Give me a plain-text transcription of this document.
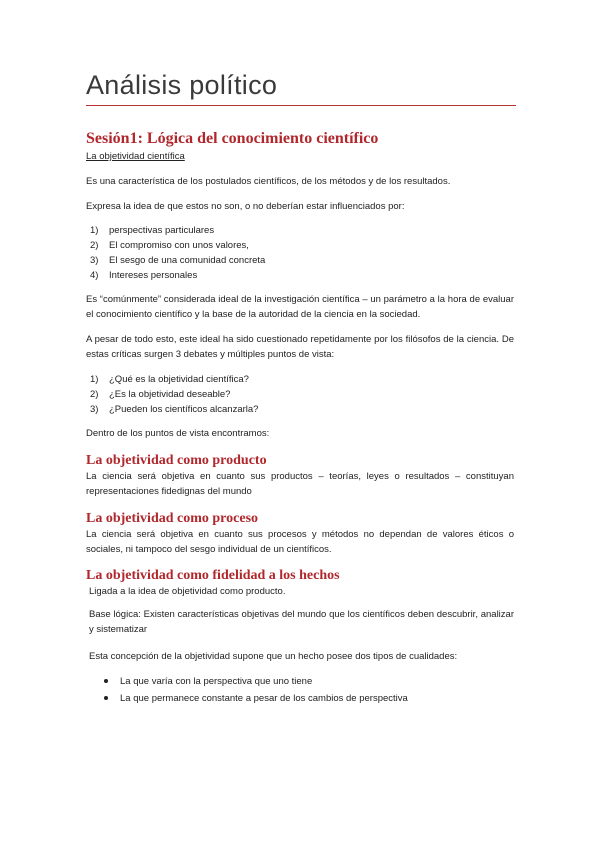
Análisis político
Sesión1: Lógica del conocimiento científico
La objetividad científica
Es una característica de los postulados científicos, de los métodos y de los resultados.
Expresa la idea de que estos no son, o no deberían estar influenciados por:
1) perspectivas particulares
2) El compromiso con unos valores,
3) El sesgo de una comunidad concreta
4) Intereses personales
Es “comúnmente” considerada ideal de la investigación científica – un parámetro a la hora de evaluar el conocimiento científico y la base de la autoridad de la ciencia en la sociedad.
A pesar de todo esto, este ideal ha sido cuestionado repetidamente por los filósofos de la ciencia. De estas críticas surgen 3 debates y múltiples puntos de vista:
1) ¿Qué es la objetividad científica?
2) ¿Es la objetividad deseable?
3) ¿Pueden los científicos alcanzarla?
Dentro de los puntos de vista encontramos:
La objetividad como producto
La ciencia será objetiva en cuanto sus productos – teorías, leyes o resultados – constituyan representaciones fidedignas del mundo
La objetividad como proceso
La ciencia será objetiva en cuanto sus procesos y métodos no dependan de valores éticos o sociales, ni tampoco del sesgo individual de un científicos.
La objetividad como fidelidad a los hechos
Ligada a la idea de objetividad como producto.
Base lógica: Existen características objetivas del mundo que los científicos deben descubrir, analizar y sistematizar
Esta concepción de la objetividad supone que un hecho posee dos tipos de cualidades:
La que varía con la perspectiva que uno tiene
La que permanece constante a pesar de los cambios de perspectiva
